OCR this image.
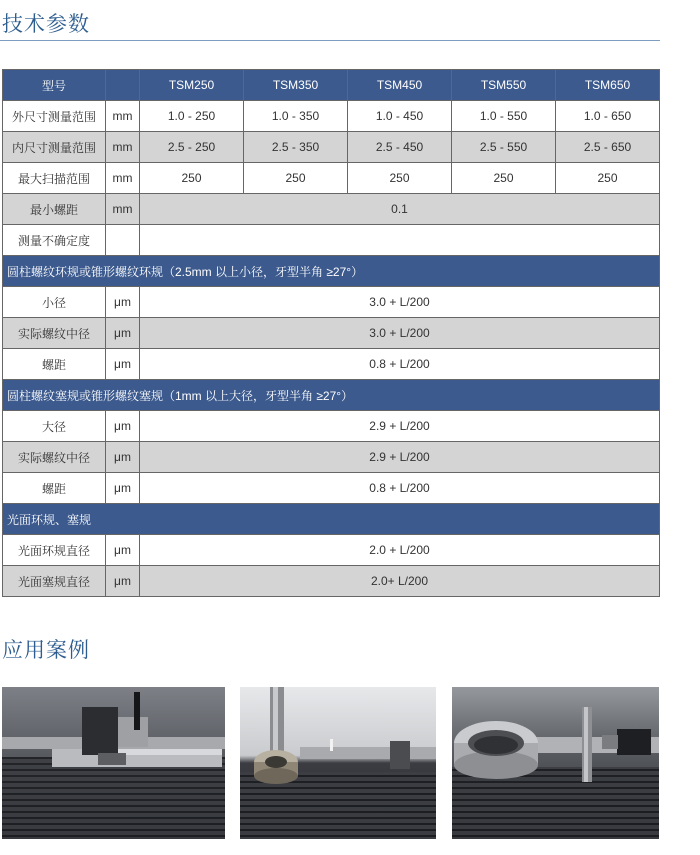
技术参数
型号		TSM250	TSM350	TSM450	TSM550	TSM650
外尺寸测量范围	mm	1.0 - 250	1.0 - 350	1.0 - 450	1.0 - 550	1.0 - 650
内尺寸测量范围	mm	2.5 - 250	2.5 - 350	2.5 - 450	2.5 - 550	2.5 - 650
最大扫描范围	mm	250	250	250	250	250
最小螺距	mm	0.1				
测量不确定度						
圆柱螺纹环规或锥形螺纹环规（2.5mm 以上小径，牙型半角 ≥27°）						
小径	μm	3.0 + L/200				
实际螺纹中径	μm	3.0 + L/200				
螺距	μm	0.8 + L/200				
圆柱螺纹塞规或锥形螺纹塞规（1mm 以上大径，牙型半角 ≥27°）						
大径	μm	2.9 + L/200				
实际螺纹中径	μm	2.9 + L/200				
螺距	μm	0.8 + L/200				
光面环规、塞规						
光面环规直径	μm	2.0 + L/200				
光面塞规直径	μm	2.0+ L/200				
应用案例
